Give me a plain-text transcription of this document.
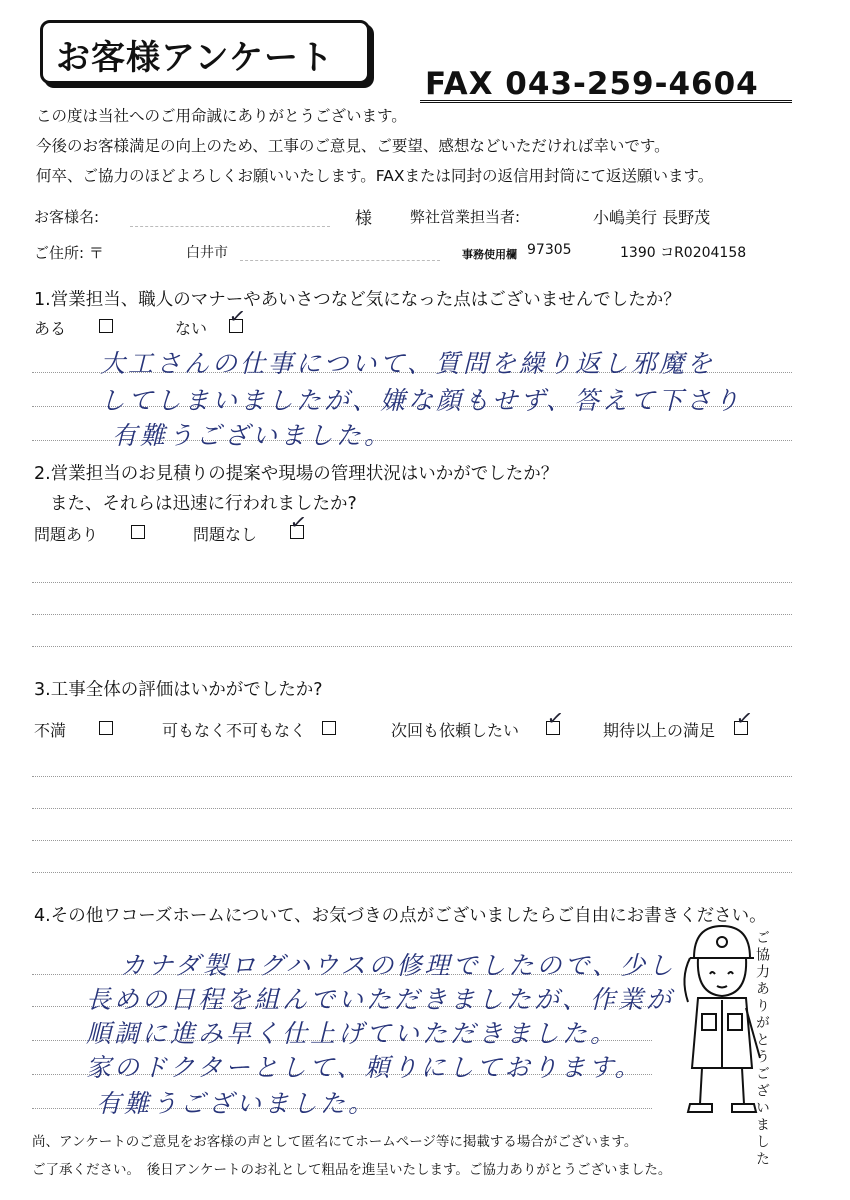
お客様アンケート
FAX 043-259-4604
この度は当社へのご用命誠にありがとうございます。
今後のお客様満足の向上のため、工事のご意見、ご要望、感想などいただければ幸いです。
何卒、ご協力のほどよろしくお願いいたします。FAXまたは同封の返信用封筒にて返送願います。
お客様名:	様	弊社営業担当者:	小嶋美行 長野茂
ご住所: 〒	白井市	事務使用欄 97305	1390 コR0204158
1.営業担当、職人のマナーやあいさつなど気になった点はございませんでしたか？
ある	ない ✓
大工さんの仕事について、質問を繰り返し邪魔を
してしまいましたが、嫌な顔もせず、答えて下さり
有難うございました。
2.営業担当のお見積りの提案や現場の管理状況はいかがでしたか？
また、それらは迅速に行われましたか?
問題あり	問題なし ✓
3.工事全体の評価はいかがでしたか?
不満	可もなく不可もなく	次回も依頼したい ✓ 期待以上の満足 ✓
4.その他ワコーズホームについて、お気づきの点がございましたらご自由にお書きください。
カナダ製ログハウスの修理でしたので、少し
長めの日程を組んでいただきましたが、作業が
順調に進み早く仕上げていただきました。
家のドクターとして、頼りにしております。
有難うございました。	ご協力ありがとうございました
尚、アンケートのご意見をお客様の声として匿名にてホームページ等に掲載する場合がございます。
ご了承ください。　後日アンケートのお礼として粗品を進呈いたします。ご協力ありがとうございました。
